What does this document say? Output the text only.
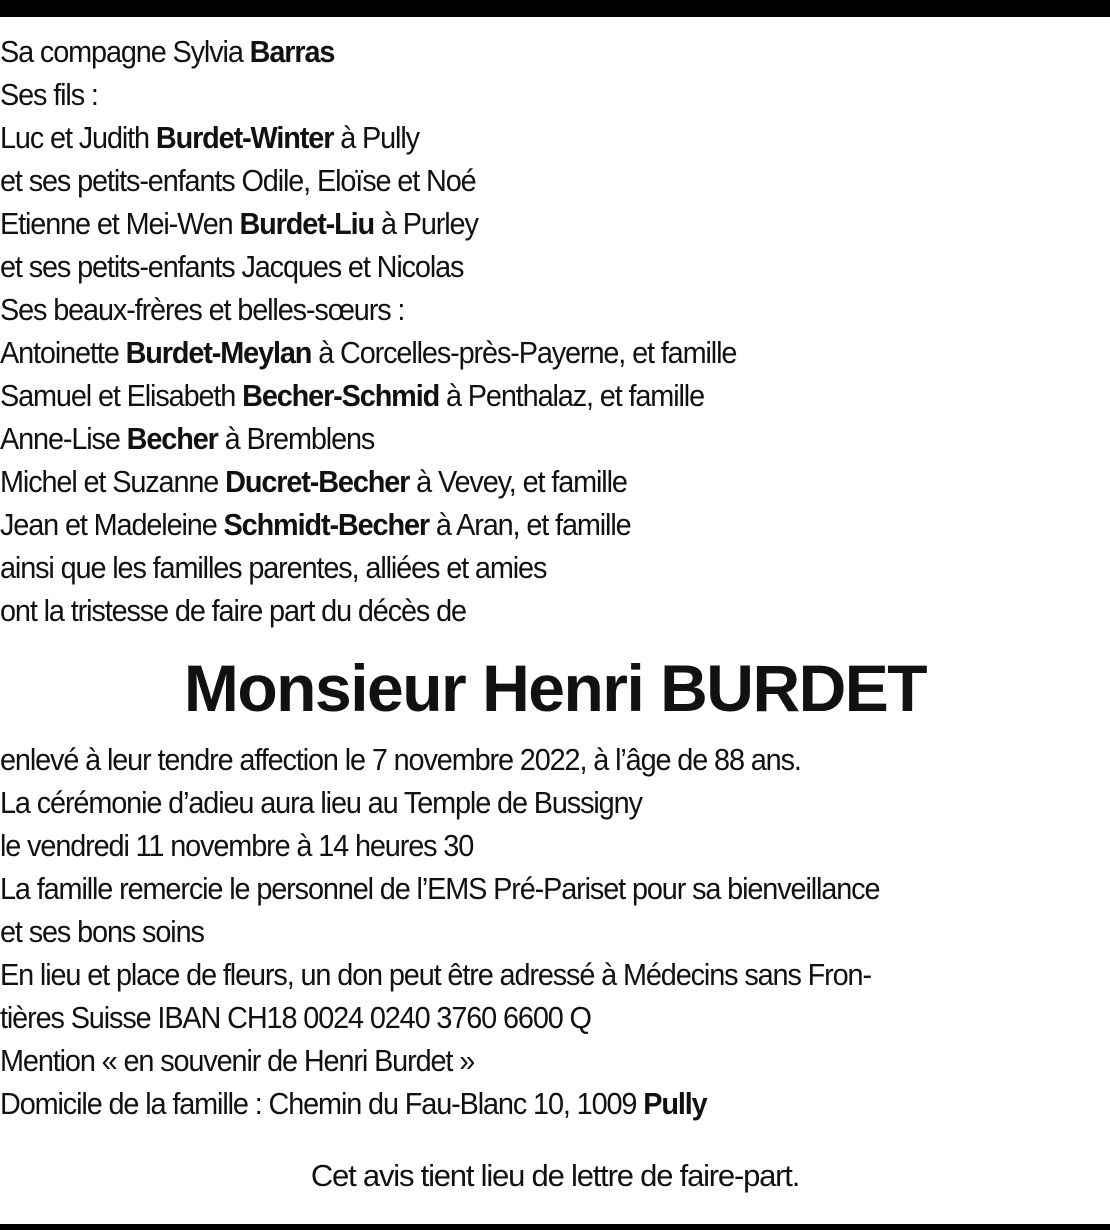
Sa compagne Sylvia Barras
Ses fils :
Luc et Judith Burdet-Winter à Pully
et ses petits-enfants Odile, Eloïse et Noé
Etienne et Mei-Wen Burdet-Liu à Purley
et ses petits-enfants Jacques et Nicolas
Ses beaux-frères et belles-sœurs :
Antoinette Burdet-Meylan à Corcelles-près-Payerne, et famille
Samuel et Elisabeth Becher-Schmid à Penthalaz, et famille
Anne-Lise Becher à Bremblens
Michel et Suzanne Ducret-Becher à Vevey, et famille
Jean et Madeleine Schmidt-Becher à Aran, et famille
ainsi que les familles parentes, alliées et amies
ont la tristesse de faire part du décès de
Monsieur Henri BURDET
enlevé à leur tendre affection le 7 novembre 2022, à l’âge de 88 ans.
La cérémonie d’adieu aura lieu au Temple de Bussigny
le vendredi 11 novembre à 14 heures 30
La famille remercie le personnel de l’EMS Pré-Pariset pour sa bienveillance
et ses bons soins
En lieu et place de fleurs, un don peut être adressé à Médecins sans Fron-
tières Suisse IBAN CH18 0024 0240 3760 6600 Q
Mention « en souvenir de Henri Burdet »
Domicile de la famille : Chemin du Fau-Blanc 10, 1009 Pully
Cet avis tient lieu de lettre de faire-part.
